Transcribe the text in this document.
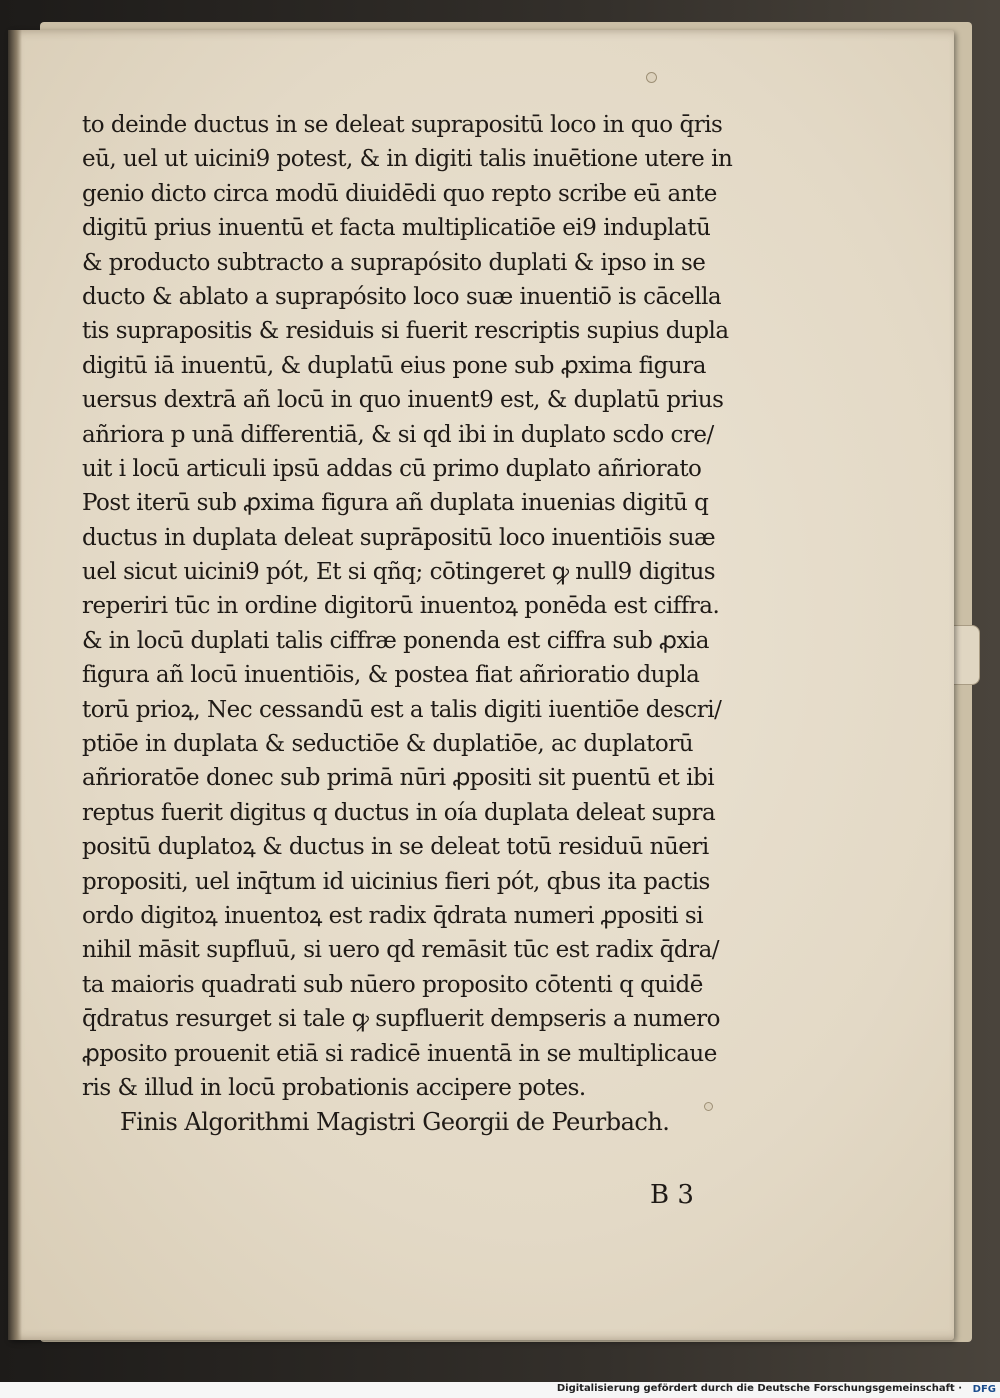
to deinde ductus in se deleat suprapositū loco in quo q̄ris
eū, uel ut uicini9 potest, & in digiti talis inuētione utere in
genio dicto circa modū diuidēdi quo repto scribe eū ante
digitū prius inuentū et facta multiplicatiōe ei9 induplatū
& producto subtracto a suprapósito duplati & ipso in se
ducto & ablato a suprapósito loco suæ inuentiō is cācella
tis suprapositis & residuis si fuerit rescriptis supius dupla
digitū iā inuentū, & duplatū eius pone sub ꝓxima figura
uersus dextrā añ locū in quo inuent9 est, & duplatū prius
añriora p unā differentiā, & si qd ibi in duplato scdo cre/
uit i locū articuli ipsū addas cū primo duplato añriorato
Post iterū sub ꝓxima figura añ duplata inuenias digitū q
ductus in duplata deleat suprāpositū loco inuentiōis suæ
uel sicut uicini9 pót, Et si qñq; cōtingeret ꝙ null9 digitus
reperiri tūc in ordine digitorū inuentoꝝ ponēda est ciffra.
& in locū duplati talis ciffræ ponenda est ciffra sub ꝓxia
figura añ locū inuentiōis, & postea fiat añrioratio dupla
torū prioꝝ, Nec cessandū est a talis digiti iuentiōe descri/
ptiōe in duplata & seductiōe & duplatiōe, ac duplatorū
añrioratōe donec sub primā nūri ꝓpositi sit puentū et ibi
reptus fuerit digitus q ductus in oía duplata deleat supra
positū duplatoꝝ & ductus in se deleat totū residuū nūeri
propositi, uel inq̄tum id uicinius fieri pót, qbus ita pactis
ordo digitoꝝ inuentoꝝ est radix q̄drata numeri ꝓpositi si
nihil māsit supfluū, si uero qd remāsit tūc est radix q̄dra/
ta maioris quadrati sub nūero proposito cōtenti q quidē
q̄dratus resurget si tale ꝙ supfluerit dempseris a numero
ꝓposito prouenit etiā si radicē inuentā in se multiplicaue
ris & illud in locū probationis accipere potes.
Finis Algorithmi Magistri Georgii de Peurbach.
B 3
Digitalisierung gefördert durch die Deutsche Forschungsgemeinschaft · DFG
